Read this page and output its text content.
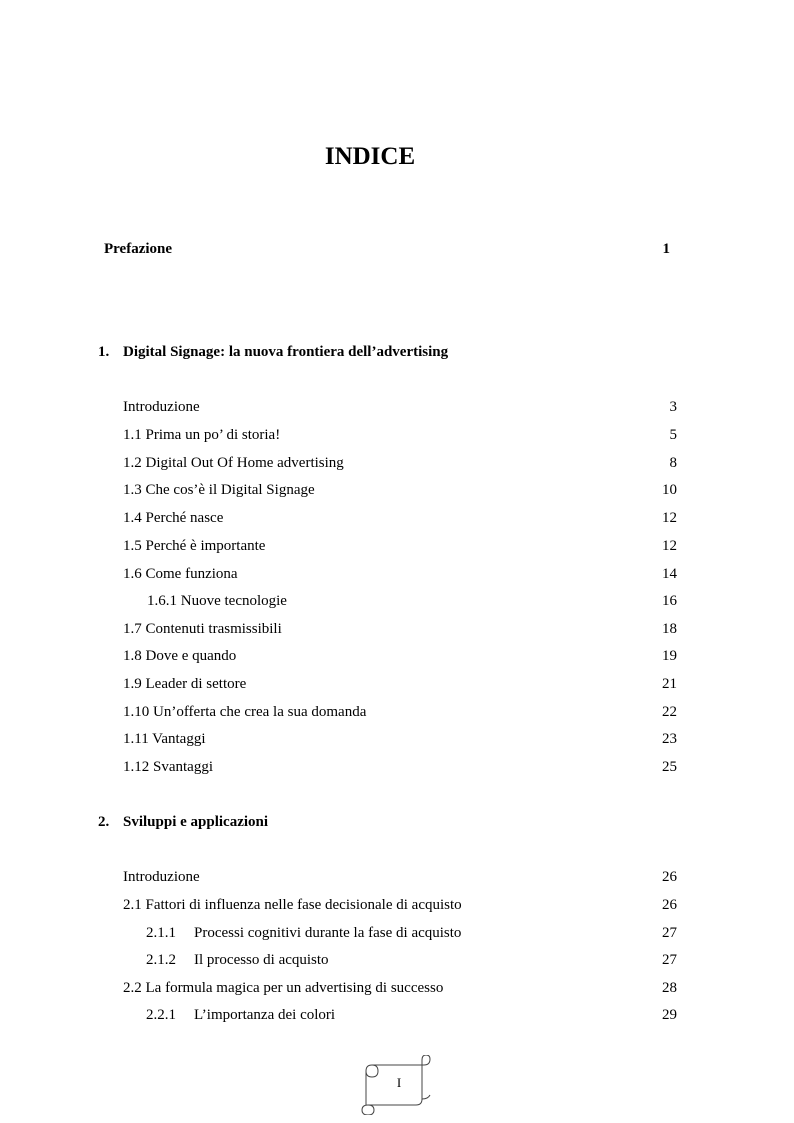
INDICE
Prefazione	1
1. Digital Signage: la nuova frontiera dell’advertising
Introduzione	3
1.1 Prima un po’ di storia!	5
1.2 Digital Out Of Home advertising	8
1.3 Che cos’è il Digital Signage	10
1.4 Perché nasce	12
1.5 Perché è importante	12
1.6 Come funziona	14
1.6.1 Nuove tecnologie	16
1.7 Contenuti trasmissibili	18
1.8 Dove e quando	19
1.9 Leader di settore	21
1.10 Un’offerta che crea la sua domanda	22
1.11 Vantaggi	23
1.12 Svantaggi	25
2. Sviluppi e applicazioni
Introduzione	26
2.1 Fattori di influenza nelle fase decisionale di acquisto	26
2.1.1 Processi cognitivi durante la fase di acquisto	27
2.1.2 Il processo di acquisto	27
2.2 La formula magica per un advertising di successo	28
2.2.1 L’importanza dei colori	29
I
